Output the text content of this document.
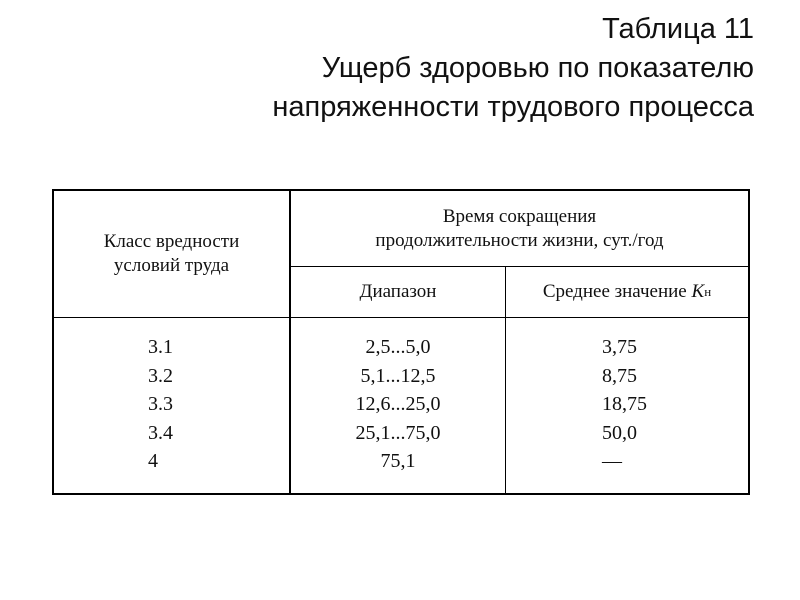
Таблица 11
Ущерб здоровью по показателю
напряженности трудового процесса
Класс вредности
условий труда
Время сокращения
продолжительности жизни, сут./год
Диапазон	Среднее значение
K н
3.1
3.2
3.3
3.4
4
2,5...5,0
5,1...12,5
12,6...25,0
25,1...75,0
75,1
3,75
8,75
18,75
50,0
—
